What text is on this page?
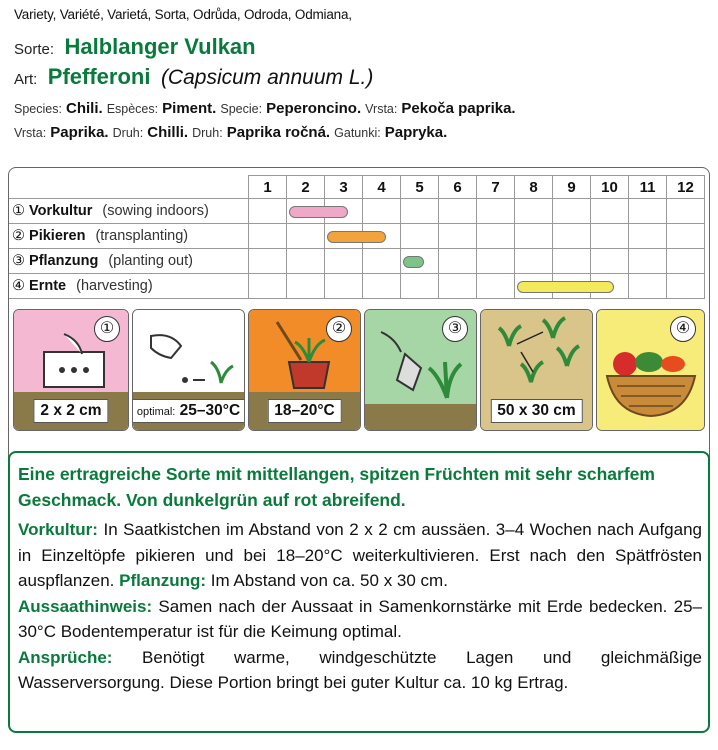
Variety, Variété, Varietá, Sorta, Odrůda, Odroda, Odmiana,
Sorte: Halblanger Vulkan
Art: Pfefferoni (Capsicum annuum L.)
Species: Chili. Espèces: Piment. Specie: Peperoncino. Vrsta: Pekoča paprika.
Vrsta: Paprika. Druh: Chilli. Druh: Paprika ročná. Gatunki: Papryka.
	1	2	3	4	5	6	7	8	9	10	11	12
① Vorkultur (sowing indoors)												
② Pikieren (transplanting)												
③ Pflanzung (planting out)												
④ Ernte (harvesting)												
①
2 x 2 cm	optimal: 25–30°C
②
18–20°C
③
50 x 30 cm
④
Eine ertragreiche Sorte mit mittellangen, spitzen Früchten mit sehr scharfem Geschmack. Von dunkelgrün auf rot abreifend.
Vorkultur: In Saatkistchen im Abstand von 2 x 2 cm aussäen. 3–4 Wochen nach Aufgang in Einzeltöpfe pikieren und bei 18–20°C weiterkultivieren. Erst nach den Spätfrösten auspflanzen. Pflanzung: Im Abstand von ca. 50 x 30 cm.
Aussaathinweis: Samen nach der Aussaat in Samenkornstärke mit Erde bedecken. 25–30°C Bodentemperatur ist für die Keimung optimal.
Ansprüche: Benötigt warme, windgeschützte Lagen und gleichmäßige Wasserversorgung. Diese Portion bringt bei guter Kultur ca. 10 kg Ertrag.
